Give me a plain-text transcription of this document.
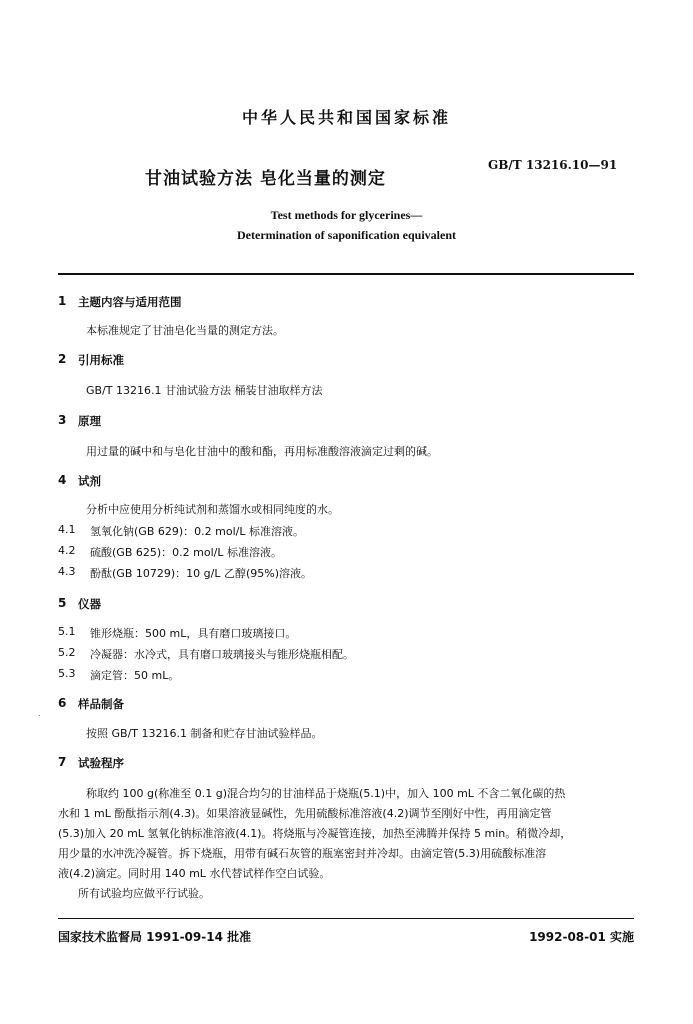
中华人民共和国国家标准
GB/T 13216.10—91
甘油试验方法 皂化当量的测定
Test methods for glycerines—
Determination of saponification equivalent
1 主题内容与适用范围
本标准规定了甘油皂化当量的测定方法。
2 引用标准
GB/T 13216.1 甘油试验方法 桶装甘油取样方法
3 原理
用过量的碱中和与皂化甘油中的酸和酯，再用标准酸溶液滴定过剩的碱。
4 试剂
分析中应使用分析纯试剂和蒸馏水或相同纯度的水。
4.1 氢氧化钠(GB 629)：0.2 mol/L 标准溶液。
4.2 硫酸(GB 625)：0.2 mol/L 标准溶液。
4.3 酚酞(GB 10729)：10 g/L 乙醇(95%)溶液。
5 仪器
5.1 锥形烧瓶：500 mL，具有磨口玻璃接口。
5.2 冷凝器：水冷式，具有磨口玻璃接头与锥形烧瓶相配。
5.3 滴定管：50 mL。
.
6 样品制备
按照 GB/T 13216.1 制备和贮存甘油试验样品。
7 试验程序
称取约 100 g(称准至 0.1 g)混合均匀的甘油样品于烧瓶(5.1)中，加入 100 mL 不含二氧化碳的热
水和 1 mL 酚酞指示剂(4.3)。如果溶液显碱性，先用硫酸标准溶液(4.2)调节至刚好中性，再用滴定管
(5.3)加入 20 mL 氢氧化钠标准溶液(4.1)。将烧瓶与冷凝管连接，加热至沸腾并保持 5 min。稍微冷却，
用少量的水冲洗冷凝管。拆下烧瓶，用带有碱石灰管的瓶塞密封并冷却。由滴定管(5.3)用硫酸标准溶
液(4.2)滴定。同时用 140 mL 水代替试样作空白试验。
所有试验均应做平行试验。
国家技术监督局 1991-09-14 批准	1992-08-01 实施
